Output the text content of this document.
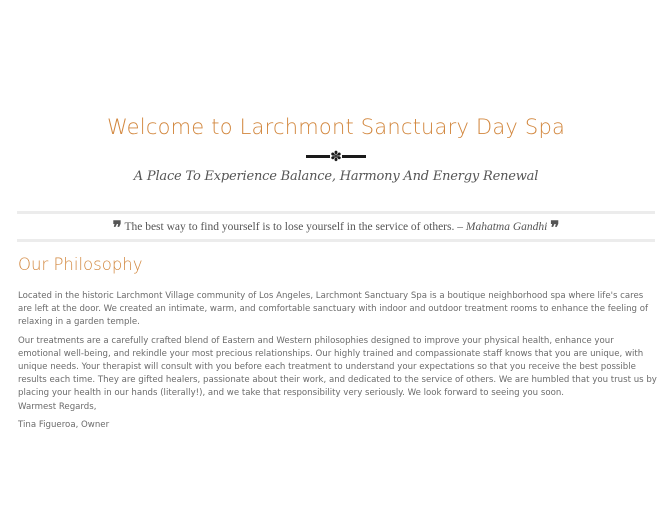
Welcome to Larchmont Sanctuary Day Spa
✽
A Place To Experience Balance, Harmony And Energy Renewal
❞ The best way to find yourself is to lose yourself in the service of others. – Mahatma Gandhi ❞
Our Philosophy

Located in the historic Larchmont Village community of Los Angeles, Larchmont Sanctuary Spa is a boutique neighborhood spa where life's cares are left at the door. We created an intimate, warm, and comfortable sanctuary with indoor and outdoor treatment rooms to enhance the feeling of relaxing in a garden temple.

Our treatments are a carefully crafted blend of Eastern and Western philosophies designed to improve your physical health, enhance your emotional well-being, and rekindle your most precious relationships. Our highly trained and compassionate staff knows that you are unique, with unique needs. Your therapist will consult with you before each treatment to understand your expectations so that you receive the best possible results each time. They are gifted healers, passionate about their work, and dedicated to the service of others. We are humbled that you trust us by placing your health in our hands (literally!), and we take that responsibility very seriously. We look forward to seeing you soon.

Warmest Regards,

Tina Figueroa, Owner
